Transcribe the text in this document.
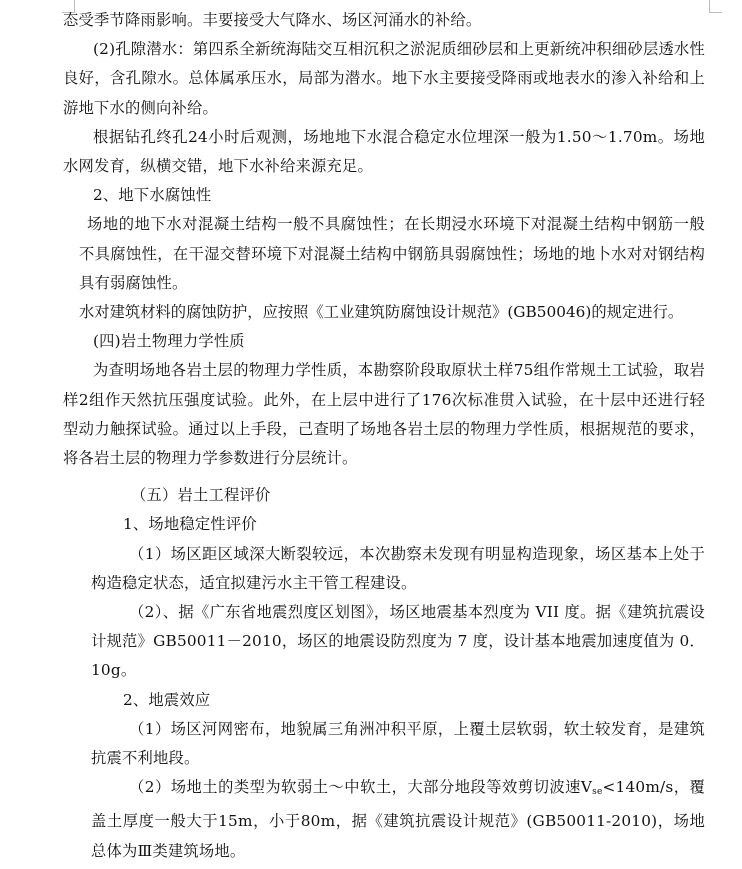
态受季节降雨影响。丰要接受大气降水、场区河涌水的补给。

(2)孔隙潜水：第四系全新统海陆交互相沉积之淤泥质细砂层和上更新统冲积细砂层透水性良好，含孔隙水。总体属承压水，局部为潜水。地下水主要接受降雨或地表水的渗入补给和上游地下水的侧向补给。

根据钻孔终孔24小时后观测，场地地下水混合稳定水位埋深一般为1.50～1.70m。场地水网发育，纵横交错，地下水补给来源充足。

2、地下水腐蚀性

场地的地下水对混凝土结构一般不具腐蚀性；在长期浸水环境下对混凝土结构中钢筋一般不具腐蚀性，在干湿交替环境下对混凝土结构中钢筋具弱腐蚀性；场地的地卜水对对钢结构具有弱腐蚀性。

水对建筑材料的腐蚀防护，应按照《工业建筑防腐蚀设计规范》(GB50046)的规定进行。

(四)岩土物理力学性质

为查明场地各岩土层的物理力学性质，本勘察阶段取原状土样75组作常规土工试验，取岩样2组作天然抗压强度试验。此外，在上层中进行了176次标准贯入试验，在十层中还进行轻型动力触探试验。通过以上手段，己查明了场地各岩土层的物理力学性质，根据规范的要求，将各岩土层的物理力学参数进行分层统计。

（五）岩土工程评价

1、场地稳定性评价

（1）场区距区域深大断裂较远，本次勘察未发现有明显构造现象，场区基本上处于构造稳定状态，适宜拟建污水主干管工程建设。

（2）、据《广东省地震烈度区划图》，场区地震基本烈度为 VII 度。据《建筑抗震设计规范》GB50011－2010，场区的地震设防烈度为 7 度，设计基本地震加速度值为 0．10g。

2、地震效应

（1）场区河网密布，地貌属三角洲冲积平原，上覆土层软弱，软土较发育，是建筑抗震不利地段。

（2）场地土的类型为软弱土～中软土，大部分地段等效剪切波速$V_{se}<140m/s$，覆盖土厚度一般大于15m，小于80m，据《建筑抗震设计规范》(GB50011-2010)，场地总体为Ⅲ类建筑场地。
